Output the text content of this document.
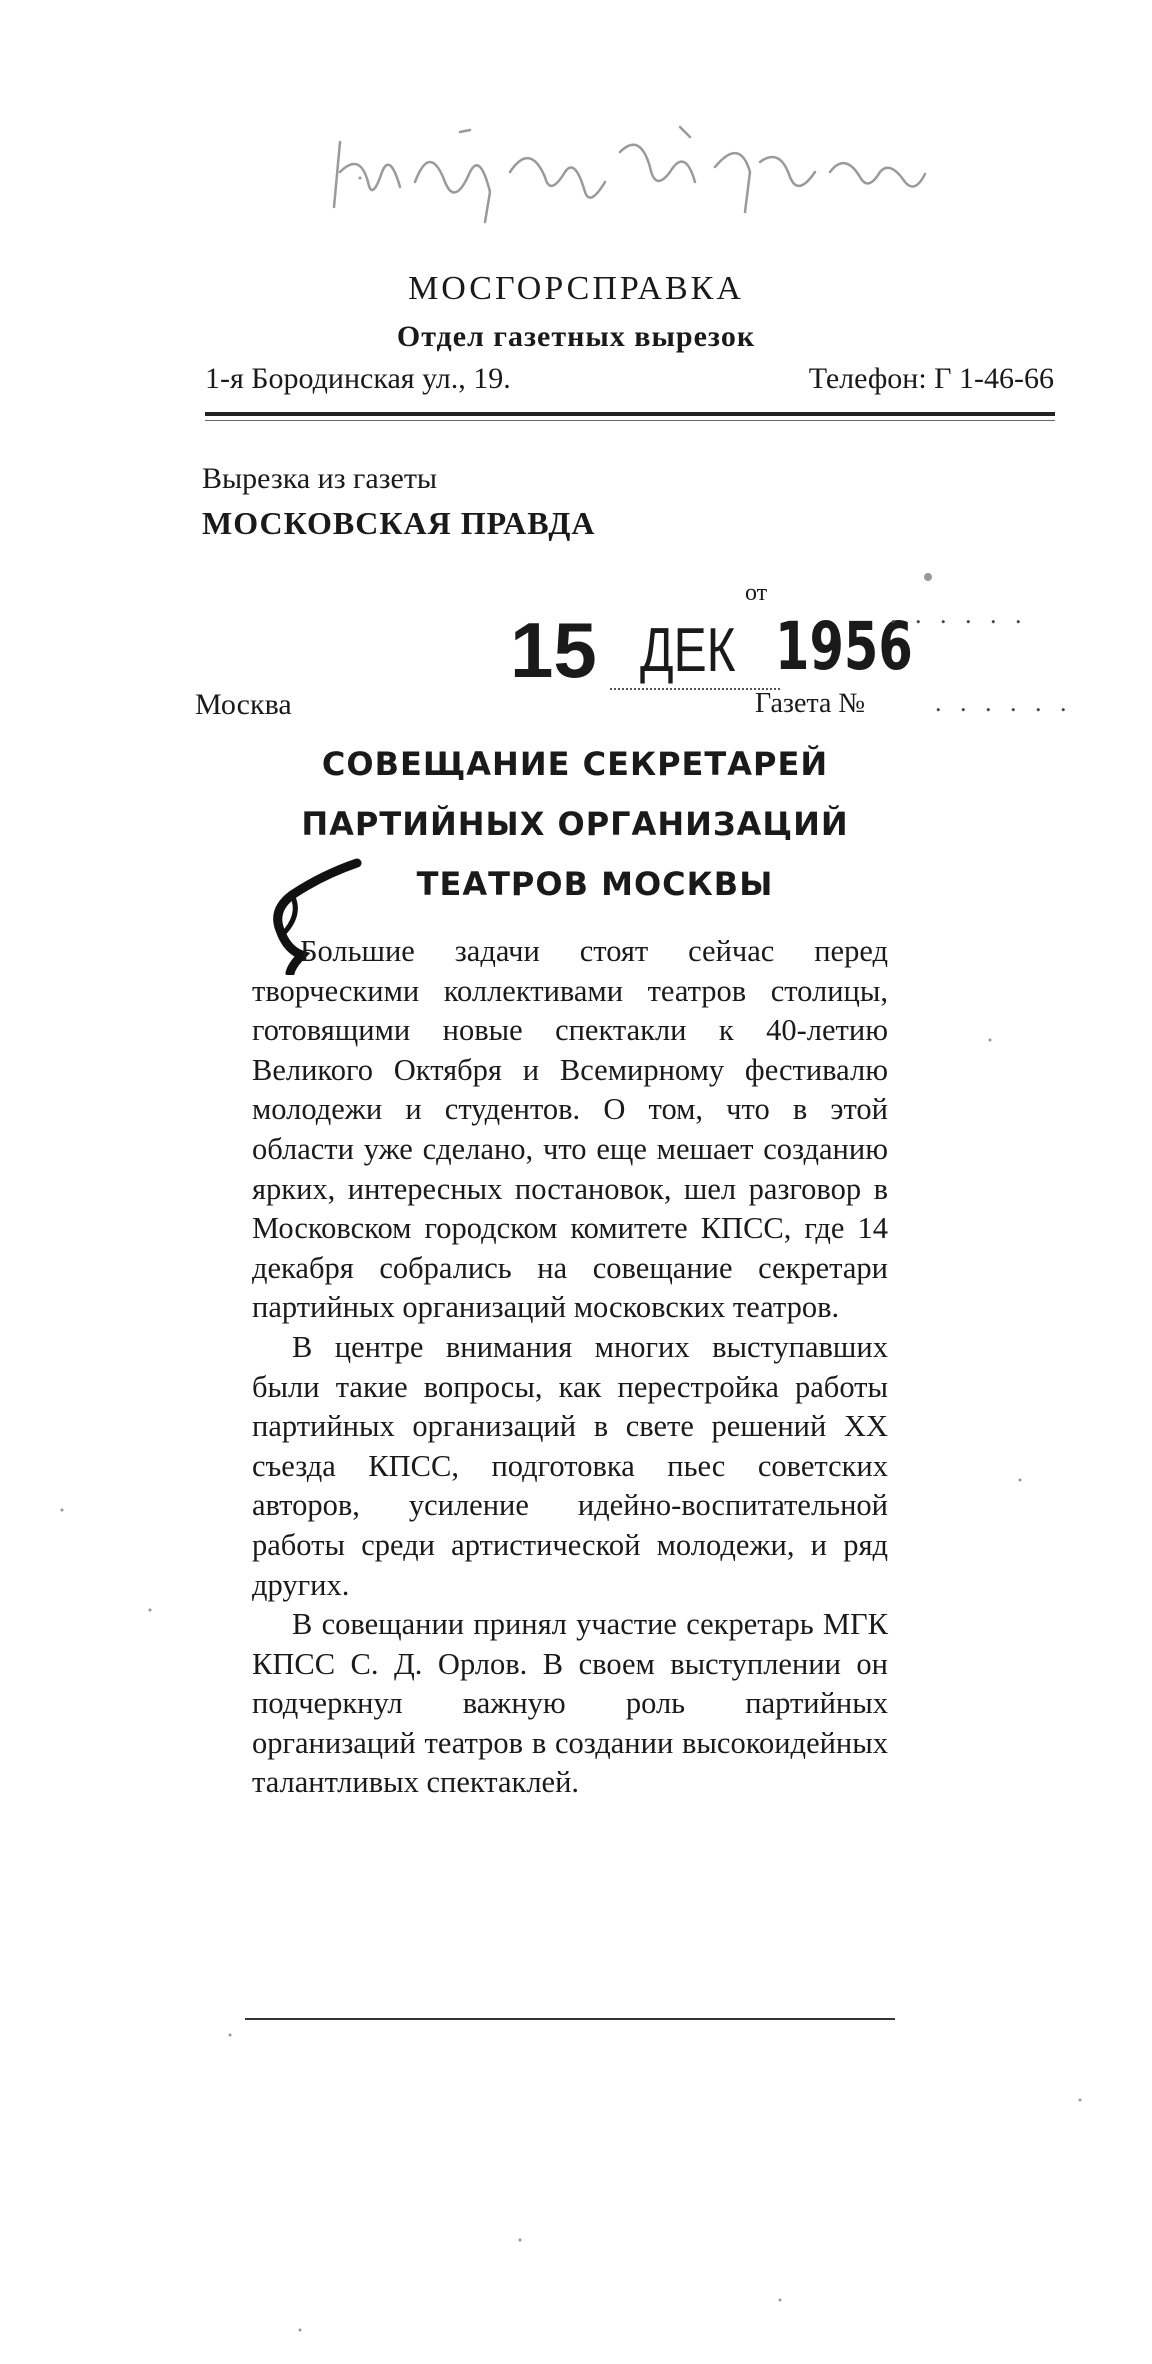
МОСГОРСПРАВКА
Отдел газетных вырезок
1-я Бородинская ул., 19.	Телефон: Г 1-46-66
Вырезка из газеты
МОСКОВСКАЯ ПРАВДА
от
15 ДЕК 1956
. . . . . .
Москва	Газета №	. . . . . .
СОВЕЩАНИЕ СЕКРЕТАРЕЙ
ПАРТИЙНЫХ ОРГАНИЗАЦИЙ
ТЕАТРОВ МОСКВЫ

Большие задачи стоят сейчас перед творческими коллективами театров столицы, готовящими новые спектакли к 40-летию Великого Октября и Всемирному фестивалю молодежи и студентов. О том, что в этой области уже сделано, что еще мешает созданию ярких, интересных постановок, шел разговор в Московском городском комитете КПСС, где 14 декабря собрались на совещание секретари партийных организаций московских театров.

В центре внимания многих выступавших были такие вопросы, как перестройка работы партийных организаций в свете решений XX съезда КПСС, подготовка пьес советских авторов, усиление идейно-воспитательной работы среди артистической молодежи, и ряд других.

В совещании принял участие секретарь МГК КПСС С. Д. Орлов. В своем выступлении он подчеркнул важную роль партийных организаций театров в создании высокоидейных талантливых спектаклей.
